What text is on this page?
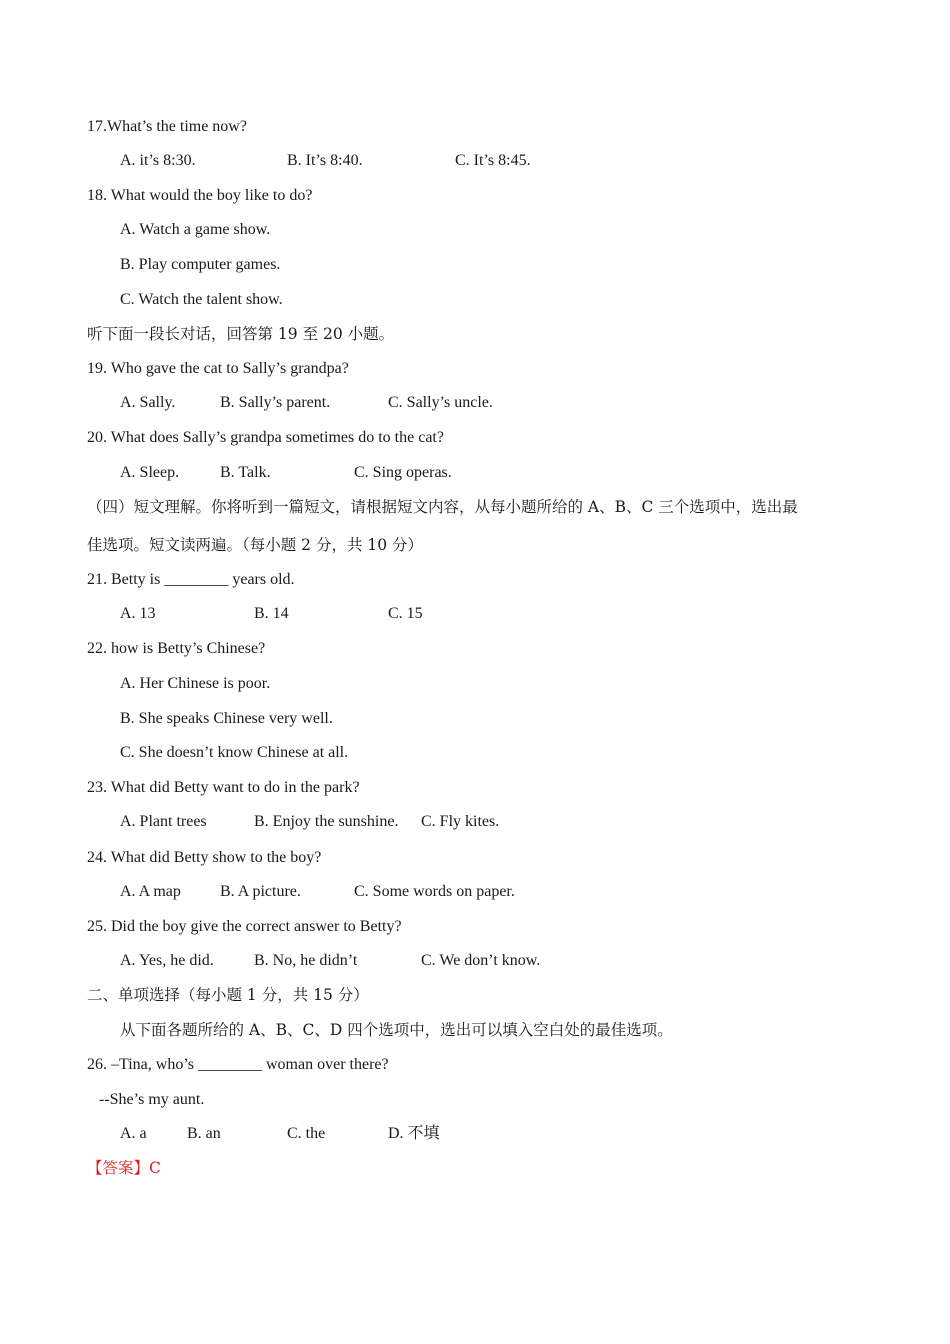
17.What’s the time now?
A. it’s 8:30.	B. It’s 8:40.	C. It’s 8:45.
18. What would the boy like to do?
A. Watch a game show.
B. Play computer games.
C. Watch the talent show.
听下面一段长对话，回答第 19 至 20 小题。
19. Who gave the cat to Sally’s grandpa?
A. Sally.	B. Sally’s parent.	C. Sally’s uncle.
20. What does Sally’s grandpa sometimes do to the cat?
A. Sleep.	B. Talk.	C. Sing operas.
（四）短文理解。你将听到一篇短文，请根据短文内容，从每小题所给的 A、B、C 三个选项中，选出最
佳选项。短文读两遍。（每小题 2 分，共 10 分）
21. Betty is ________ years old.
A. 13	B. 14	C. 15
22. how is Betty’s Chinese?
A. Her Chinese is poor.
B. She speaks Chinese very well.
C. She doesn’t know Chinese at all.
23. What did Betty want to do in the park?
A. Plant trees	B. Enjoy the sunshine. C. Fly kites.
24. What did Betty show to the boy?
A. A map B. A picture.	C. Some words on paper.
25. Did the boy give the correct answer to Betty?
A. Yes, he did.	B. No, he didn’t	C. We don’t know.
二、单项选择（每小题 1 分，共 15 分）
从下面各题所给的 A、B、C、D 四个选项中，选出可以填入空白处的最佳选项。
26. –Tina, who’s ________ woman over there?
--She’s my aunt.
A. a	B. an	C. the	D. 不填
【答案】C
